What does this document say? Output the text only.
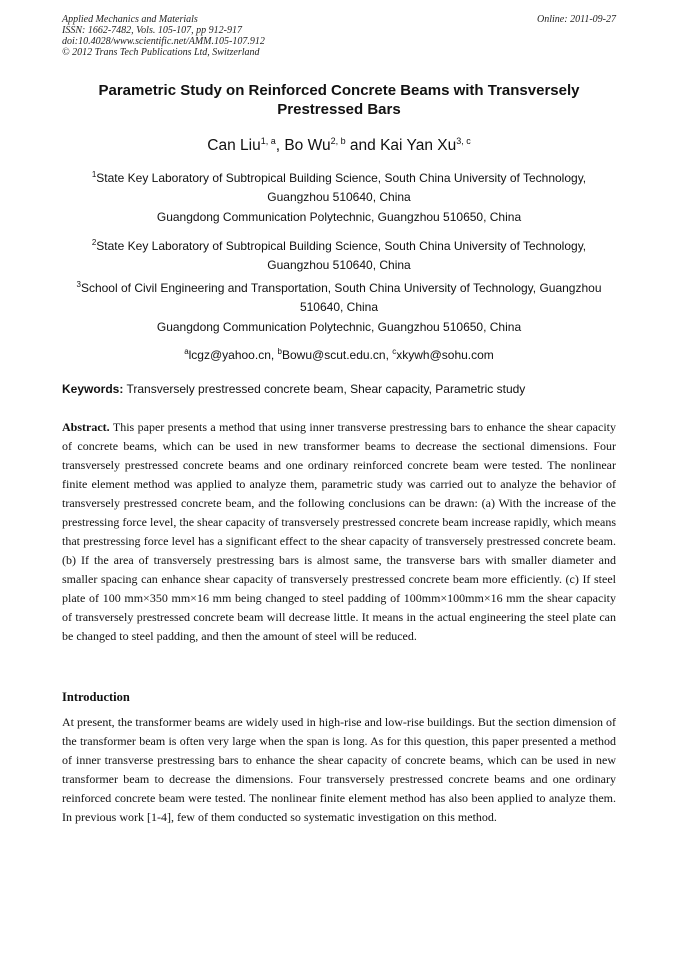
Applied Mechanics and Materials
ISSN: 1662-7482, Vols. 105-107, pp 912-917
doi:10.4028/www.scientific.net/AMM.105-107.912
© 2012 Trans Tech Publications Ltd, Switzerland
Online: 2011-09-27
Parametric Study on Reinforced Concrete Beams with Transversely
Prestressed Bars
Can Liu$^{1, a}$, Bo Wu$^{2, b}$ and Kai Yan Xu$^{3, c}$
$^1$State Key Laboratory of Subtropical Building Science, South China University of Technology,
Guangzhou 510640, China
Guangdong Communication Polytechnic, Guangzhou 510650, China
$^2$State Key Laboratory of Subtropical Building Science, South China University of Technology,
Guangzhou 510640, China
$^3$School of Civil Engineering and Transportation, South China University of Technology, Guangzhou
510640, China
Guangdong Communication Polytechnic, Guangzhou 510650, China
$^a$lcgz@yahoo.cn, $^b$Bowu@scut.edu.cn, $^c$xkywh@sohu.com
Keywords: Transversely prestressed concrete beam, Shear capacity, Parametric study
Abstract. This paper presents a method that using inner transverse prestressing bars to enhance the shear capacity of concrete beams, which can be used in new transformer beams to decrease the sectional dimensions. Four transversely prestressed concrete beams and one ordinary reinforced concrete beam were tested. The nonlinear finite element method was applied to analyze them, parametric study was carried out to analyze the behavior of transversely prestressed concrete beam, and the following conclusions can be drawn: (a) With the increase of the prestressing force level, the shear capacity of transversely prestressed concrete beam increase rapidly, which means that prestressing force level has a significant effect to the shear capacity of transversely prestressed concrete beam. (b) If the area of transversely prestressing bars is almost same, the transverse bars with smaller diameter and smaller spacing can enhance shear capacity of transversely prestressed concrete beam more efficiently. (c) If steel plate of 100 mm×350 mm×16 mm being changed to steel padding of 100mm×100mm×16 mm the shear capacity of transversely prestressed concrete beam will decrease little. It means in the actual engineering the steel plate can be changed to steel padding, and then the amount of steel will be reduced.
Introduction
At present, the transformer beams are widely used in high-rise and low-rise buildings. But the section dimension of the transformer beam is often very large when the span is long. As for this question, this paper presented a method of inner transverse prestressing bars to enhance the shear capacity of concrete beams, which can be used in new transformer beam to decrease the dimensions. Four transversely prestressed concrete beams and one ordinary reinforced concrete beam were tested. The nonlinear finite element method has also been applied to analyze them. In previous work [1-4], few of them conducted so systematic investigation on this method.
